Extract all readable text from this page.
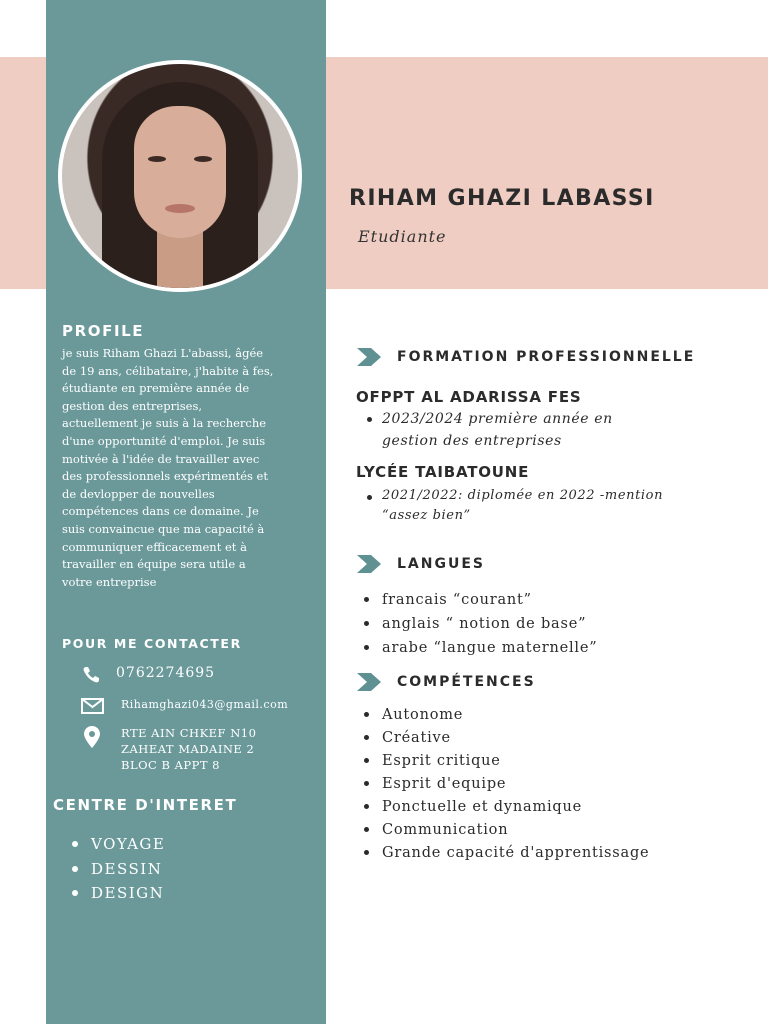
RIHAM GHAZI LABASSI
Etudiante
PROFILE
je suis Riham Ghazi L'abassi, âgée de 19 ans, célibataire, j'habite à fes, étudiante en première année de gestion des entreprises, actuellement je suis à la recherche d'une opportunité d'emploi. Je suis motivée à l'idée de travailler avec des professionnels expérimentés et de devlopper de nouvelles compétences dans ce domaine. Je suis convaincue que ma capacité à communiquer efficacement et à travailler en équipe sera utile a votre entreprise
POUR ME CONTACTER
0762274695
Rihamghazi043@gmail.com
RTE AIN CHKEF N10
ZAHEAT MADAINE 2
BLOC B APPT 8
CENTRE D'INTERET
VOYAGE
DESSIN
DESIGN
FORMATION PROFESSIONNELLE
OFPPT AL ADARISSA FES
2023/2024 première année en
gestion des entreprises
LYCÉE TAIBATOUNE
2021/2022: diplomée en 2022 -mention
“assez bien”
LANGUES
francais “courant”
anglais “ notion de base”
arabe “langue maternelle”
COMPÉTENCES
Autonome
Créative
Esprit critique
Esprit d'equipe
Ponctuelle et dynamique
Communication
Grande capacité d'apprentissage
